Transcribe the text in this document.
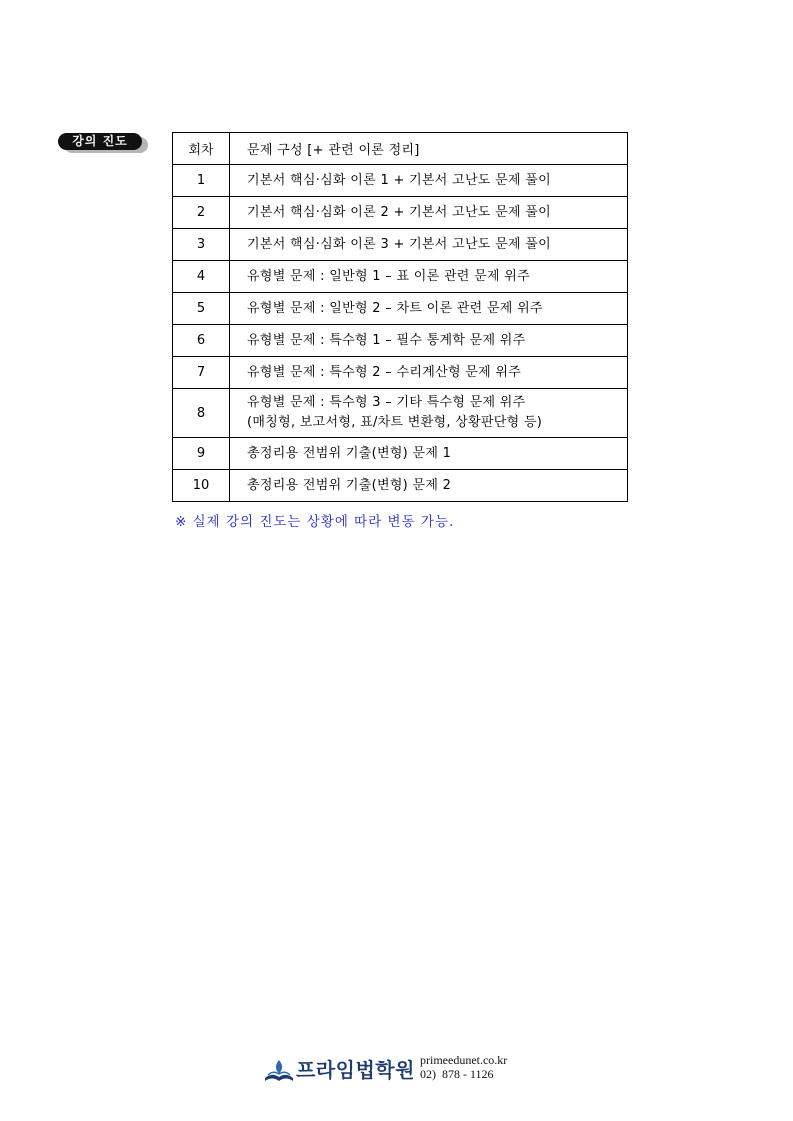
강의 진도
회차	문제 구성 [+ 관련 이론 정리]
1	기본서 핵심·심화 이론 1 + 기본서 고난도 문제 풀이

2	기본서 핵심·심화 이론 2 + 기본서 고난도 문제 풀이

3	기본서 핵심·심화 이론 3 + 기본서 고난도 문제 풀이

4	유형별 문제 : 일반형 1 – 표 이론 관련 문제 위주

5	유형별 문제 : 일반형 2 – 차트 이론 관련 문제 위주

6	유형별 문제 : 특수형 1 – 필수 통계학 문제 위주

7	유형별 문제 : 특수형 2 – 수리계산형 문제 위주

8	유형별 문제 : 특수형 3 – 기타 특수형 문제 위주
(매칭형, 보고서형, 표/차트 변환형, 상황판단형 등)

9	총정리용 전범위 기출(변형) 문제 1

10	총정리용 전범위 기출(변형) 문제 2
※ 실제 강의 진도는 상황에 따라 변동 가능.
프라임법학원 primeedunet.co.kr
02)  878 - 1126
